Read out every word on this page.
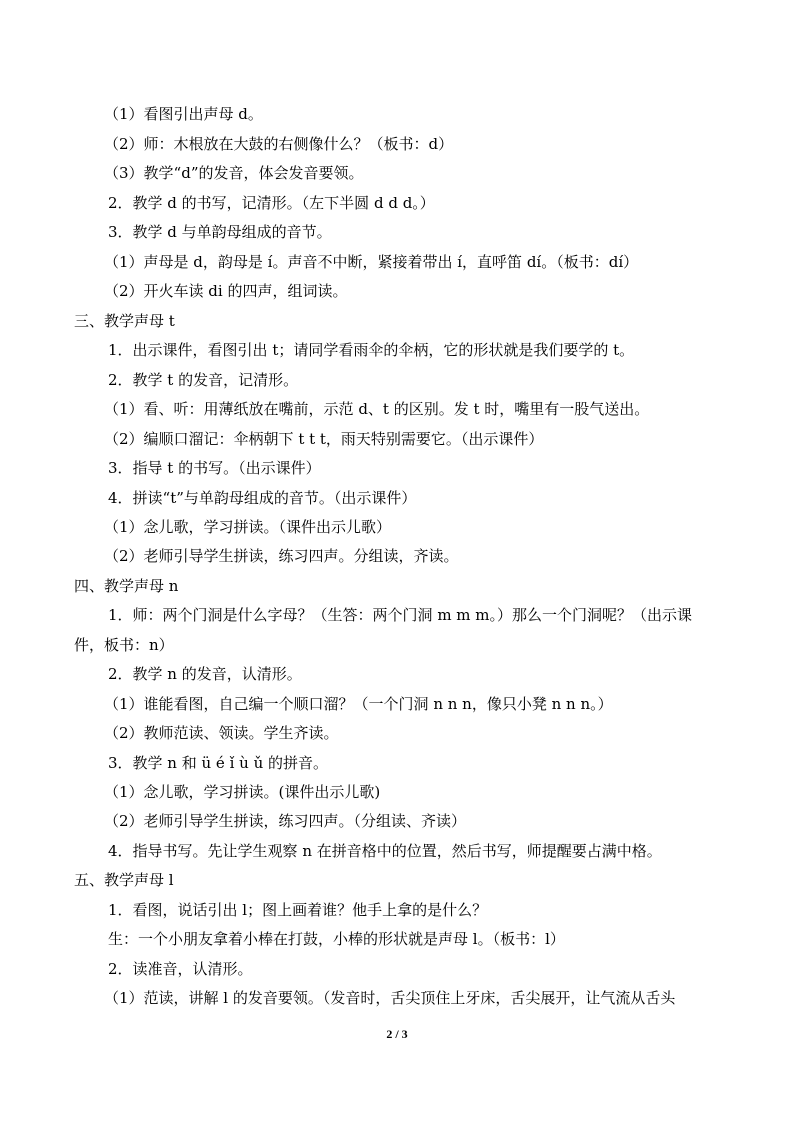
（1）看图引出声母 d。
（2）师：木根放在大鼓的右侧像什么？（板书：d）
（3）教学“d”的发音，体会发音要领。
2．教学 d 的书写，记清形。（左下半圆 d d d。）
3．教学 d 与单韵母组成的音节。
（1）声母是 d，韵母是 í。声音不中断，紧接着带出 í，直呼笛 dí。（板书：dí）
（2）开火车读 di 的四声，组词读。
三、教学声母 t
1．出示课件，看图引出 t；请同学看雨伞的伞柄，它的形状就是我们要学的 t。
2．教学 t 的发音，记清形。
（1）看、听：用薄纸放在嘴前，示范 d、t 的区别。发 t 时，嘴里有一股气送出。
（2）编顺口溜记：伞柄朝下 t t t，雨天特别需要它。（出示课件）
3．指导 t 的书写。（出示课件）
4．拼读“t”与单韵母组成的音节。（出示课件）
（1）念儿歌，学习拼读。（课件出示儿歌）
（2）老师引导学生拼读，练习四声。分组读，齐读。
四、教学声母 n
1．师：两个门洞是什么字母？（生答：两个门洞 m m m。）那么一个门洞呢？（出示课
件，板书：n）
2．教学 n 的发音，认清形。
（1）谁能看图，自己编一个顺口溜？（一个门洞 n n n，像只小凳 n n n。）
（2）教师范读、领读。学生齐读。
3．教学 n 和 ü é ǐ ù ǔ 的拼音。
（1）念儿歌，学习拼读。(课件出示儿歌)
（2）老师引导学生拼读，练习四声。（分组读、齐读）
4．指导书写。先让学生观察 n 在拼音格中的位置，然后书写，师提醒要占满中格。
五、教学声母 l
1．看图，说话引出 l；图上画着谁？他手上拿的是什么？
生：一个小朋友拿着小棒在打鼓，小棒的形状就是声母 l。（板书：l）
2．读准音，认清形。
（1）范读，讲解 l 的发音要领。（发音时，舌尖顶住上牙床，舌尖展开，让气流从舌头
2 / 3
